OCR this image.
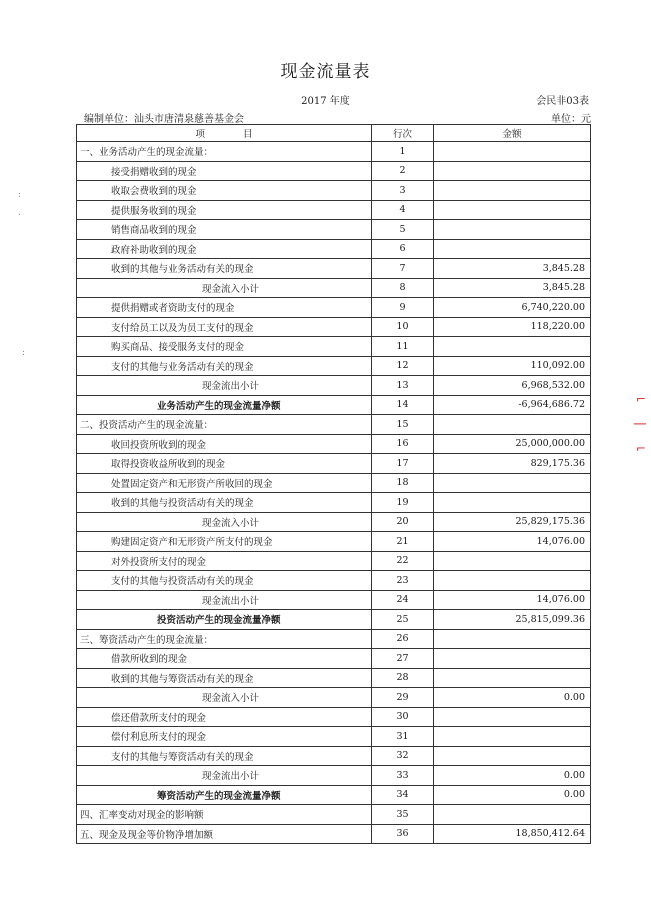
现金流量表
2017 年度	会民非03表
编制单位：汕头市唐清泉慈善基金会	单位：元
项　　　　目	行次	金额
一、业务活动产生的现金流量：	1	
接受捐赠收到的现金	2	
收取会费收到的现金	3	
提供服务收到的现金	4	
销售商品收到的现金	5	
政府补助收到的现金	6	
收到的其他与业务活动有关的现金	7	3,845.28
现金流入小计	8	3,845.28
提供捐赠或者资助支付的现金	9	6,740,220.00
支付给员工以及为员工支付的现金	10	118,220.00
购买商品、接受服务支付的现金	11	
支付的其他与业务活动有关的现金	12	110,092.00
现金流出小计	13	6,968,532.00
业务活动产生的现金流量净额	14	-6,964,686.72
二、投资活动产生的现金流量：	15	
收回投资所收到的现金	16	25,000,000.00
取得投资收益所收到的现金	17	829,175.36
处置固定资产和无形资产所收回的现金	18	
收到的其他与投资活动有关的现金	19	
现金流入小计	20	25,829,175.36
购建固定资产和无形资产所支付的现金	21	14,076.00
对外投资所支付的现金	22	
支付的其他与投资活动有关的现金	23	
现金流出小计	24	14,076.00
投资活动产生的现金流量净额	25	25,815,099.36
三、筹资活动产生的现金流量：	26	
借款所收到的现金	27	
收到的其他与筹资活动有关的现金	28	
现金流入小计	29	0.00
偿还借款所支付的现金	30	
偿付利息所支付的现金	31	
支付的其他与筹资活动有关的现金	32	
现金流出小计	33	0.00
筹资活动产生的现金流量净额	34	0.00
四、汇率变动对现金的影响额	35	
五、现金及现金等价物净增加额	36	18,850,412.64
:
.
:
⌐ | ⌐
